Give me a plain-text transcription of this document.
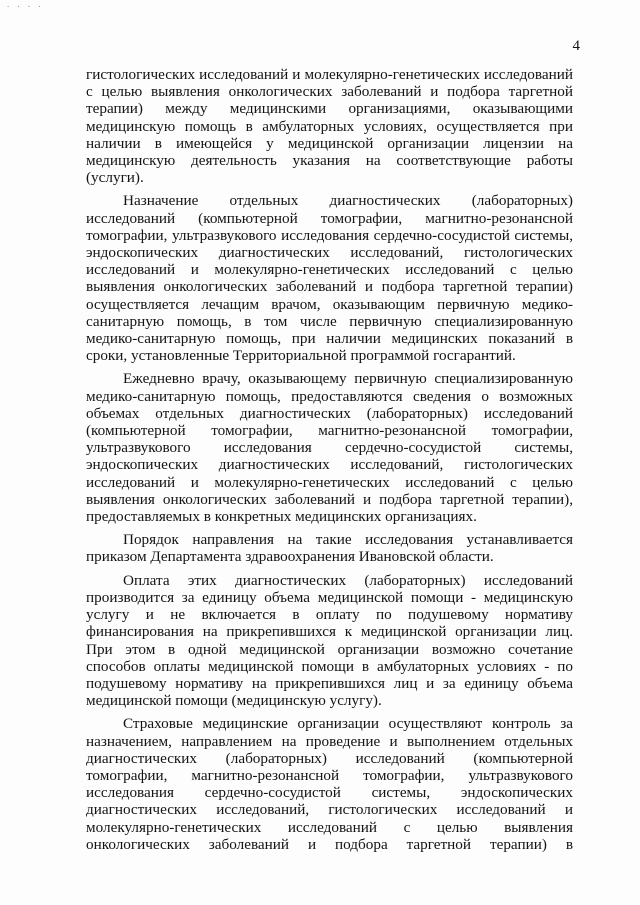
· · · ·
4

гистологических исследований и молекулярно-генетических исследований с целью выявления онкологических заболеваний и подбора таргетной терапии) между медицинскими организациями, оказывающими медицинскую помощь в амбулаторных условиях, осуществляется при наличии в имеющейся у медицинской организации лицензии на медицинскую деятельность указания на соответствующие работы (услуги).

Назначение отдельных диагностических (лабораторных) исследований (компьютерной томографии, магнитно-резонансной томографии, ультразвукового исследования сердечно-сосудистой системы, эндоскопических диагностических исследований, гистологических исследований и молекулярно-генетических исследований с целью выявления онкологических заболеваний и подбора таргетной терапии) осуществляется лечащим врачом, оказывающим первичную медико-санитарную помощь, в том числе первичную специализированную медико-санитарную помощь, при наличии медицинских показаний в сроки, установленные Территориальной программой госгарантий.

Ежедневно врачу, оказывающему первичную специализированную медико-санитарную помощь, предоставляются сведения о возможных объемах отдельных диагностических (лабораторных) исследований (компьютерной томографии, магнитно-резонансной томографии, ультразвукового исследования сердечно-сосудистой системы, эндоскопических диагностических исследований, гистологических исследований и молекулярно-генетических исследований с целью выявления онкологических заболеваний и подбора таргетной терапии), предоставляемых в конкретных медицинских организациях.

Порядок направления на такие исследования устанавливается приказом Департамента здравоохранения Ивановской области.

Оплата этих диагностических (лабораторных) исследований производится за единицу объема медицинской помощи - медицинскую услугу и не включается в оплату по подушевому нормативу финансирования на прикрепившихся к медицинской организации лиц. При этом в одной медицинской организации возможно сочетание способов оплаты медицинской помощи в амбулаторных условиях - по подушевому нормативу на прикрепившихся лиц и за единицу объема медицинской помощи (медицинскую услугу).

Страховые медицинские организации осуществляют контроль за назначением, направлением на проведение и выполнением отдельных диагностических (лабораторных) исследований (компьютерной томографии, магнитно-резонансной томографии, ультразвукового исследования сердечно-сосудистой системы, эндоскопических диагностических исследований, гистологических исследований и молекулярно-генетических исследований с целью выявления онкологических заболеваний и подбора таргетной терапии) в
